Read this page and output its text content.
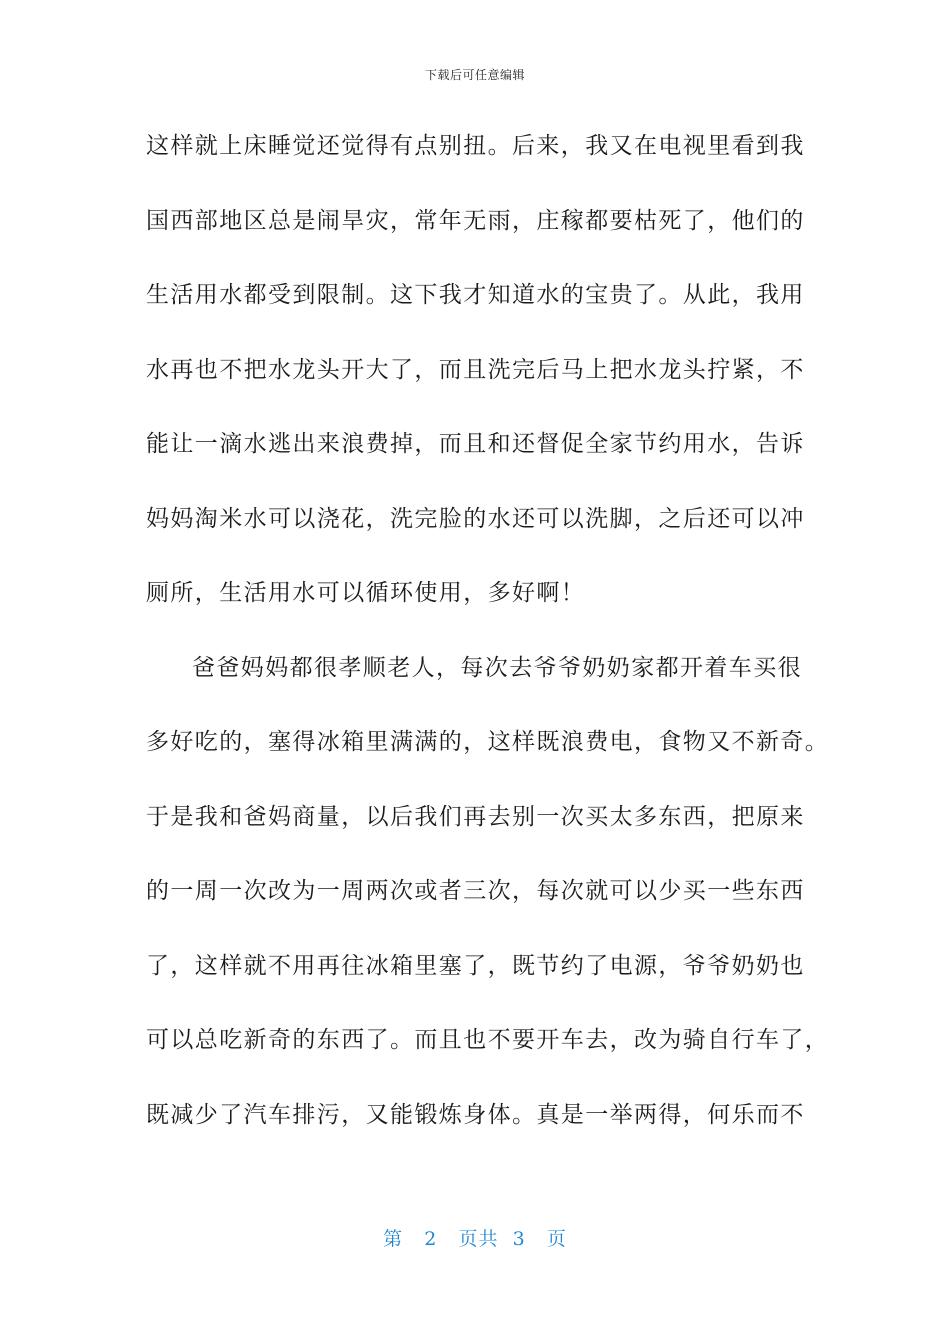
下载后可任意编辑
这样就上床睡觉还觉得有点别扭。后来，我又在电视里看到我
国西部地区总是闹旱灾，常年无雨，庄稼都要枯死了，他们的
生活用水都受到限制。这下我才知道水的宝贵了。从此，我用
水再也不把水龙头开大了，而且洗完后马上把水龙头拧紧，不
能让一滴水逃出来浪费掉，而且和还督促全家节约用水，告诉
妈妈淘米水可以浇花，洗完脸的水还可以洗脚，之后还可以冲
厕所，生活用水可以循环使用，多好啊！
爸爸妈妈都很孝顺老人，每次去爷爷奶奶家都开着车买很
多好吃的，塞得冰箱里满满的，这样既浪费电，食物又不新奇。
于是我和爸妈商量，以后我们再去别一次买太多东西，把原来
的一周一次改为一周两次或者三次，每次就可以少买一些东西
了，这样就不用再往冰箱里塞了，既节约了电源，爷爷奶奶也
可以总吃新奇的东西了。而且也不要开车去，改为骑自行车了，
既减少了汽车排污，又能锻炼身体。真是一举两得，何乐而不
第 2 页共 3 页
